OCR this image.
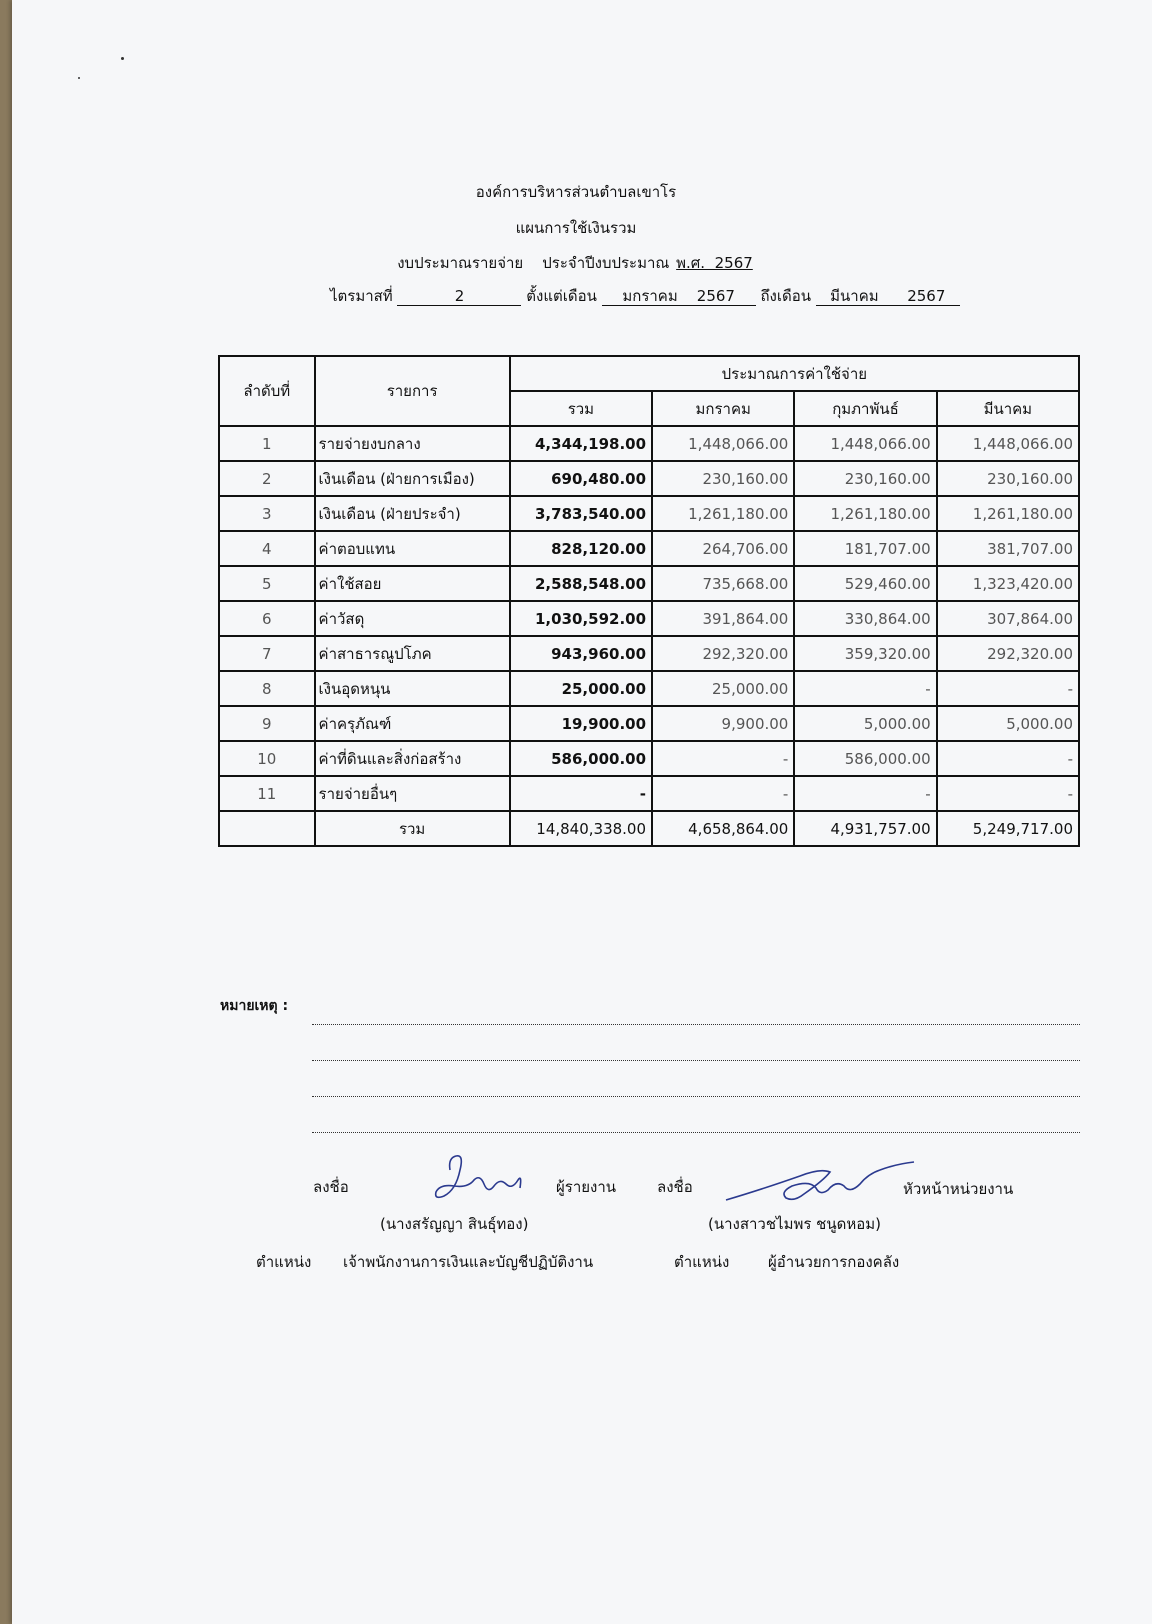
องค์การบริหารส่วนตำบลเขาโร
แผนการใช้เงินรวม
งบประมาณรายจ่าย    ประจำปีงบประมาณ พ.ศ.  2567
ไตรมาสที่	2	ตั้งแต่เดือน มกราคม    2567 ถึงเดือน มีนาคม      2567
ลำดับที่	รายการ	ประมาณการค่าใช้จ่าย			
		รวม	มกราคม	กุมภาพันธ์	มีนาคม
1	รายจ่ายงบกลาง	4,344,198.00	1,448,066.00	1,448,066.00	1,448,066.00
2	เงินเดือน (ฝ่ายการเมือง)	690,480.00	230,160.00	230,160.00	230,160.00
3	เงินเดือน (ฝ่ายประจำ)	3,783,540.00	1,261,180.00	1,261,180.00	1,261,180.00
4	ค่าตอบแทน	828,120.00	264,706.00	181,707.00	381,707.00
5	ค่าใช้สอย	2,588,548.00	735,668.00	529,460.00	1,323,420.00
6	ค่าวัสดุ	1,030,592.00	391,864.00	330,864.00	307,864.00
7	ค่าสาธารณูปโภค	943,960.00	292,320.00	359,320.00	292,320.00
8	เงินอุดหนุน	25,000.00	25,000.00	-	-
9	ค่าครุภัณฑ์	19,900.00	9,900.00	5,000.00	5,000.00
10	ค่าที่ดินและสิ่งก่อสร้าง	586,000.00	-	586,000.00	-
11	รายจ่ายอื่นๆ	-	-	-	-
	รวม	14,840,338.00	4,658,864.00	4,931,757.00	5,249,717.00
หมายเหตุ :
ลงชื่อ	ผู้รายงาน	ลงชื่อ	หัวหน้าหน่วยงาน
(นางสรัญญา สินธุ์ทอง)	(นางสาวชไมพร ชนูดหอม)
ตำแหน่ง เจ้าพนักงานการเงินและบัญชีปฏิบัติงาน	ตำแหน่ง	ผู้อำนวยการกองคลัง
